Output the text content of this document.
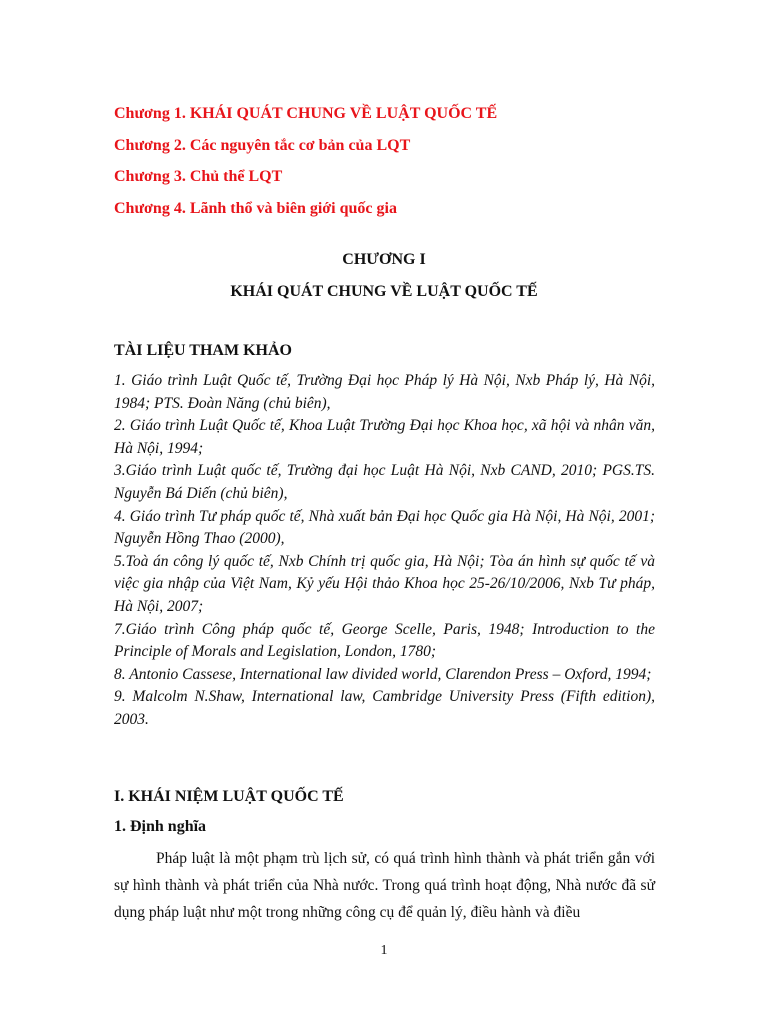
Chương 1. KHÁI QUÁT CHUNG VỀ LUẬT QUỐC TẾ
Chương 2. Các nguyên tắc cơ bản của LQT
Chương 3. Chủ thể LQT
Chương 4. Lãnh thổ và biên giới quốc gia
CHƯƠNG I
KHÁI QUÁT CHUNG VỀ LUẬT QUỐC TẾ
TÀI LIỆU THAM KHẢO

1. Giáo trình Luật Quốc tế, Trường Đại học Pháp lý Hà Nội, Nxb Pháp lý, Hà Nội, 1984; PTS. Đoàn Năng (chủ biên),

2. Giáo trình Luật Quốc tế, Khoa Luật Trường Đại học Khoa học, xã hội và nhân văn, Hà Nội, 1994;

3.Giáo trình Luật quốc tế, Trường đại học Luật Hà Nội, Nxb CAND, 2010; PGS.TS. Nguyễn Bá Diến (chủ biên),

4. Giáo trình Tư pháp quốc tế, Nhà xuất bản Đại học Quốc gia Hà Nội, Hà Nội, 2001; Nguyễn Hồng Thao (2000),

5.Toà án công lý quốc tế, Nxb Chính trị quốc gia, Hà Nội; Tòa án hình sự quốc tế và việc gia nhập của Việt Nam, Kỷ yếu Hội thảo Khoa học 25-26/10/2006, Nxb Tư pháp, Hà Nội, 2007;

7.Giáo trình Công pháp quốc tế, George Scelle, Paris, 1948; Introduction to the Principle of Morals and Legislation, London, 1780;

8. Antonio Cassese, International law divided world, Clarendon Press – Oxford, 1994;

9. Malcolm N.Shaw, International law, Cambridge University Press (Fifth edition), 2003.

I. KHÁI NIỆM LUẬT QUỐC TẾ
1. Định nghĩa

Pháp luật là một phạm trù lịch sử, có quá trình hình thành và phát triển gắn với sự hình thành và phát triển của Nhà nước. Trong quá trình hoạt động, Nhà nước đã sử dụng pháp luật như một trong những công cụ để quản lý, điều hành và điều

1
